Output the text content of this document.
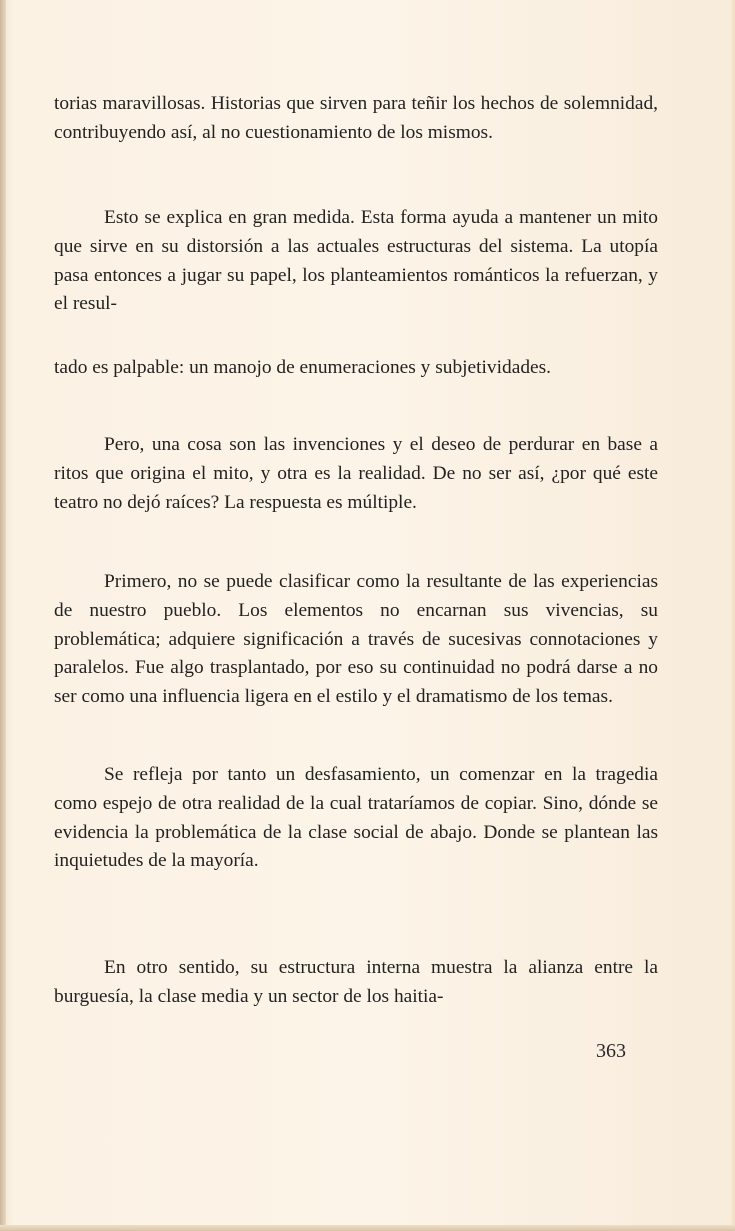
torias maravillosas. Historias que sirven para teñir los hechos de solemnidad, contribuyendo así, al no cuestionamiento de los mismos.

Esto se explica en gran medida. Esta forma ayuda a mantener un mito que sirve en su distorsión a las actuales estructuras del sistema. La utopía pasa entonces a jugar su papel, los planteamientos románticos la refuerzan, y el resul-

tado es palpable: un manojo de enumeraciones y subjetividades.

Pero, una cosa son las invenciones y el deseo de perdurar en base a ritos que origina el mito, y otra es la realidad. De no ser así, ¿por qué este teatro no dejó raíces? La respuesta es múltiple.

Primero, no se puede clasificar como la resultante de las experiencias de nuestro pueblo. Los elementos no encarnan sus vivencias, su problemática; adquiere significación a través de sucesivas connotaciones y paralelos. Fue algo trasplantado, por eso su continuidad no podrá darse a no ser como una influencia ligera en el estilo y el dramatismo de los temas.

Se refleja por tanto un desfasamiento, un comenzar en la tragedia como espejo de otra realidad de la cual trataríamos de copiar. Sino, dónde se evidencia la problemática de la clase social de abajo. Donde se plantean las inquietudes de la mayoría.

En otro sentido, su estructura interna muestra la alianza entre la burguesía, la clase media y un sector de los haitia-

363
